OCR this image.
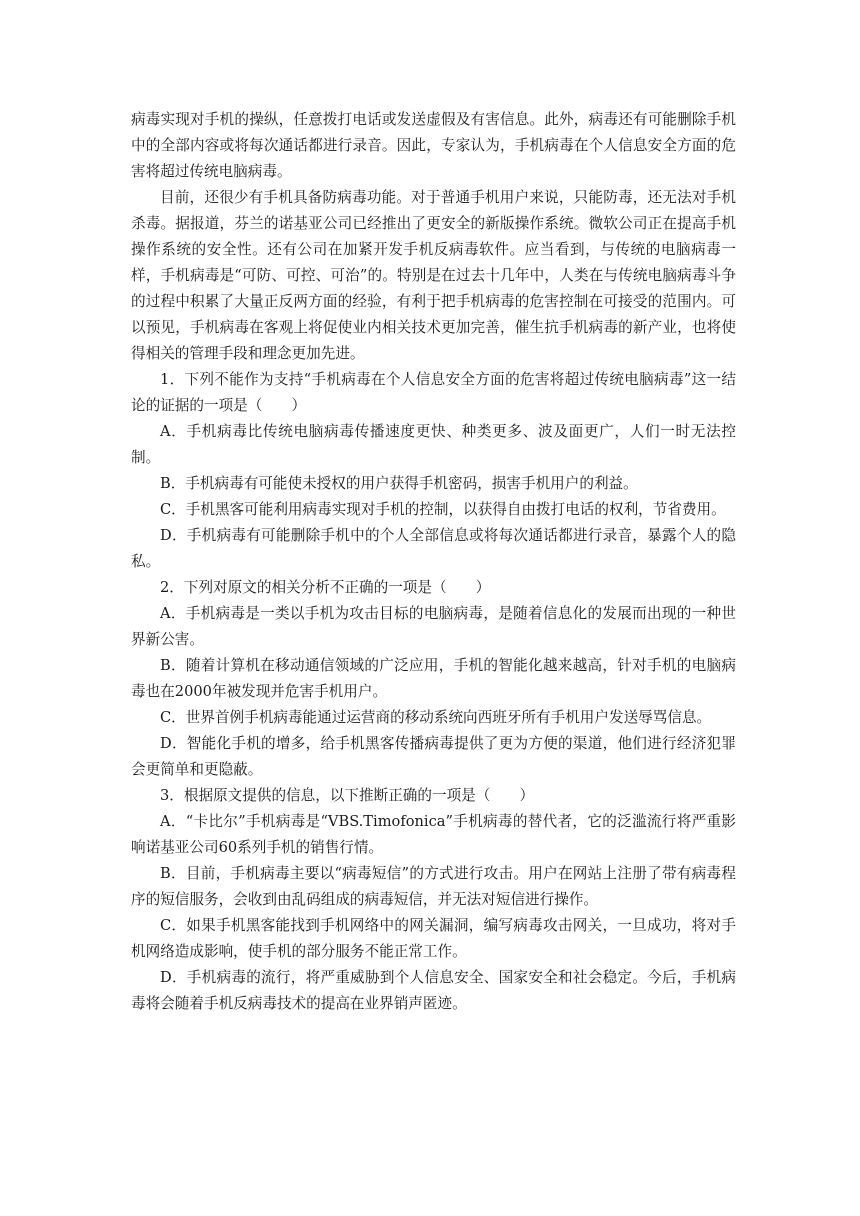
病毒实现对手机的操纵，任意拨打电话或发送虚假及有害信息。此外，病毒还有可能删除手机中的全部内容或将每次通话都进行录音。因此，专家认为，手机病毒在个人信息安全方面的危害将超过传统电脑病毒。

目前，还很少有手机具备防病毒功能。对于普通手机用户来说，只能防毒，还无法对手机杀毒。据报道，芬兰的诺基亚公司已经推出了更安全的新版操作系统。微软公司正在提高手机操作系统的安全性。还有公司在加紧开发手机反病毒软件。应当看到，与传统的电脑病毒一样，手机病毒是“可防、可控、可治”的。特别是在过去十几年中，人类在与传统电脑病毒斗争的过程中积累了大量正反两方面的经验，有利于把手机病毒的危害控制在可接受的范围内。可以预见，手机病毒在客观上将促使业内相关技术更加完善，催生抗手机病毒的新产业，也将使得相关的管理手段和理念更加先进。

1．下列不能作为支持“手机病毒在个人信息安全方面的危害将超过传统电脑病毒”这一结论的证据的一项是（　　）

A．手机病毒比传统电脑病毒传播速度更快、种类更多、波及面更广，人们一时无法控制。

B．手机病毒有可能使未授权的用户获得手机密码，损害手机用户的利益。

C．手机黑客可能利用病毒实现对手机的控制，以获得自由拨打电话的权利，节省费用。

D．手机病毒有可能删除手机中的个人全部信息或将每次通话都进行录音，暴露个人的隐私。

2．下列对原文的相关分析不正确的一项是（　　）

A．手机病毒是一类以手机为攻击目标的电脑病毒，是随着信息化的发展而出现的一种世界新公害。

B．随着计算机在移动通信领域的广泛应用，手机的智能化越来越高，针对手机的电脑病毒也在2000年被发现并危害手机用户。

C．世界首例手机病毒能通过运营商的移动系统向西班牙所有手机用户发送辱骂信息。

D．智能化手机的增多，给手机黑客传播病毒提供了更为方便的渠道，他们进行经济犯罪会更简单和更隐蔽。

3．根据原文提供的信息，以下推断正确的一项是（　　）

A．“卡比尔”手机病毒是“VBS.Timofonica”手机病毒的替代者，它的泛滥流行将严重影响诺基亚公司60系列手机的销售行情。

B．目前，手机病毒主要以“病毒短信”的方式进行攻击。用户在网站上注册了带有病毒程序的短信服务，会收到由乱码组成的病毒短信，并无法对短信进行操作。

C．如果手机黑客能找到手机网络中的网关漏洞，编写病毒攻击网关，一旦成功，将对手机网络造成影响，使手机的部分服务不能正常工作。

D．手机病毒的流行，将严重威胁到个人信息安全、国家安全和社会稳定。今后，手机病毒将会随着手机反病毒技术的提高在业界销声匿迹。
